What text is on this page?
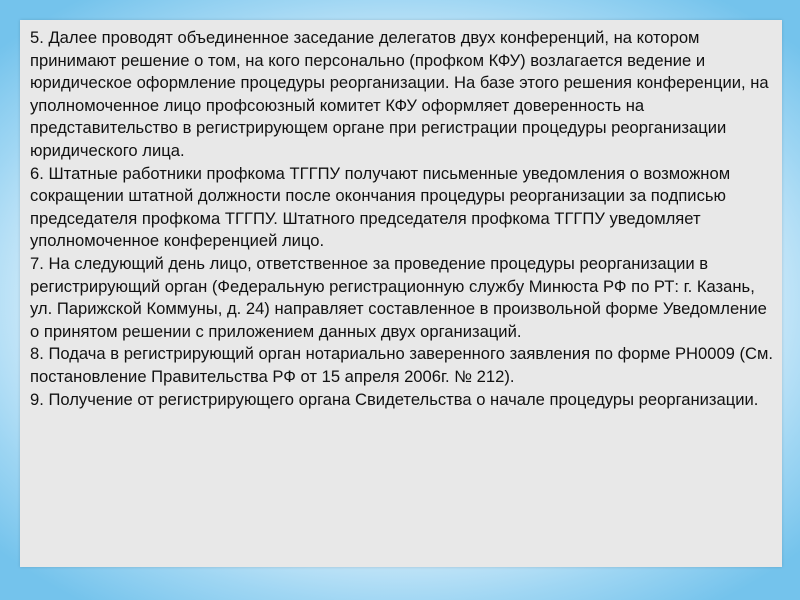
5. Далее проводят объединенное заседание делегатов двух конференций, на котором принимают решение о том, на кого персонально (профком КФУ) возлагается ведение и юридическое оформление процедуры реорганизации. На базе этого решения конференции, на уполномоченное лицо профсоюзный комитет КФУ оформляет доверенность на представительство в регистрирующем органе при регистрации процедуры реорганизации юридического лица.

6. Штатные работники профкома ТГГПУ получают письменные уведомления о возможном сокращении штатной должности после окончания процедуры реорганизации за подписью председателя профкома ТГГПУ. Штатного председателя профкома ТГГПУ уведомляет уполномоченное конференцией лицо.

7. На следующий день лицо, ответственное за проведение процедуры реорганизации в регистрирующий орган (Федеральную регистрационную службу Минюста РФ по РТ: г. Казань, ул. Парижской Коммуны, д. 24) направляет составленное в произвольной форме Уведомление о принятом решении с приложением данных двух организаций.

8. Подача в регистрирующий орган нотариально заверенного заявления по форме РН0009 (См. постановление Правительства РФ от 15 апреля 2006г. № 212).

9. Получение от регистрирующего органа Свидетельства о начале процедуры реорганизации.
